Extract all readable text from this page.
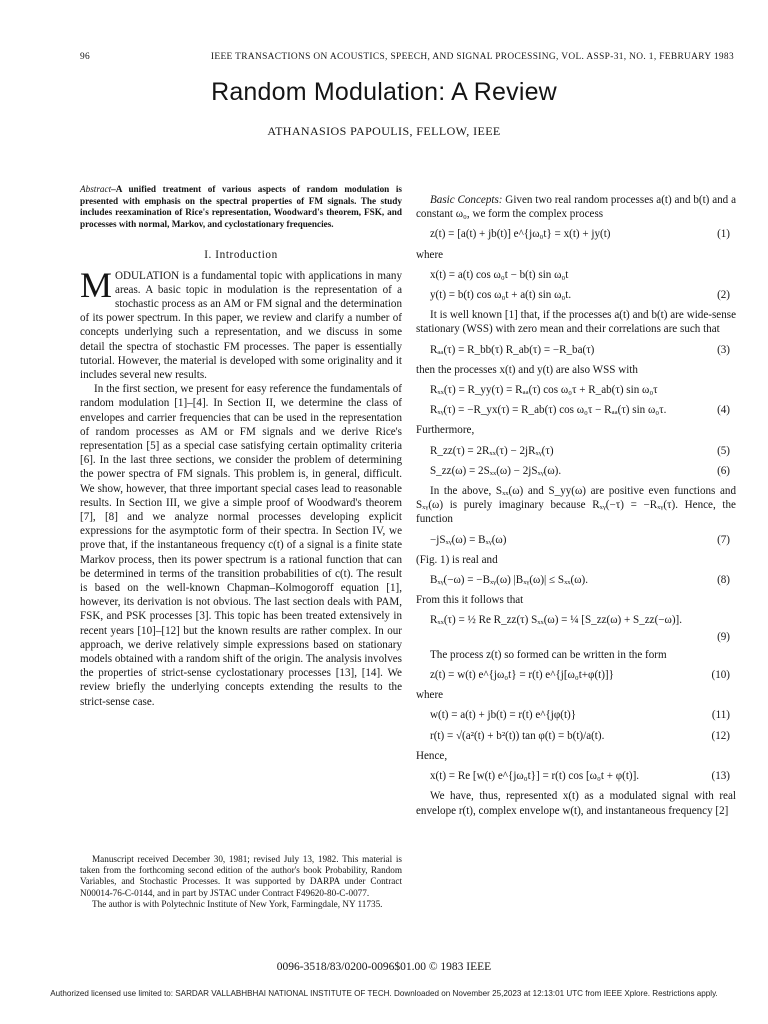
96	IEEE TRANSACTIONS ON ACOUSTICS, SPEECH, AND SIGNAL PROCESSING, VOL. ASSP-31, NO. 1, FEBRUARY 1983
Random Modulation: A Review
ATHANASIOS PAPOULIS, FELLOW, IEEE

Abstract–A unified treatment of various aspects of random modulation is presented with emphasis on the spectral properties of FM signals. The study includes reexamination of Rice's representation, Woodward's theorem, FSK, and processes with normal, Markov, and cyclostationary frequencies.

I. Introduction

MODULATION is a fundamental topic with applications in many areas. A basic topic in modulation is the representation of a stochastic process as an AM or FM signal and the determination of its power spectrum. In this paper, we review and clarify a number of concepts underlying such a representation, and we discuss in some detail the spectra of stochastic FM processes. The paper is essentially tutorial. However, the material is developed with some originality and it includes several new results.

In the first section, we present for easy reference the fundamentals of random modulation [1]–[4]. In Section II, we determine the class of envelopes and carrier frequencies that can be used in the representation of random processes as AM or FM signals and we derive Rice's representation [5] as a special case satisfying certain optimality criteria [6]. In the last three sections, we consider the problem of determining the power spectra of FM signals. This problem is, in general, difficult. We show, however, that three important special cases lead to reasonable results. In Section III, we give a simple proof of Woodward's theorem [7], [8] and we analyze normal processes developing explicit expressions for the asymptotic form of their spectra. In Section IV, we prove that, if the instantaneous frequency c(t) of a signal is a finite state Markov process, then its power spectrum is a rational function that can be determined in terms of the transition probabilities of c(t). The result is based on the well-known Chapman–Kolmogoroff equation [1], however, its derivation is not obvious. The last section deals with PAM, FSK, and PSK processes [3]. This topic has been treated extensively in recent years [10]–[12] but the known results are rather complex. In our approach, we derive relatively simple expressions based on stationary models obtained with a random shift of the origin. The analysis involves the properties of strict-sense cyclostationary processes [13], [14]. We review briefly the underlying concepts extending the results to the strict-sense case.

Manuscript received December 30, 1981; revised July 13, 1982. This material is taken from the forthcoming second edition of the author's book Probability, Random Variables, and Stochastic Processes. It was supported by DARPA under Contract N00014-76-C-0144, and in part by JSTAC under Contract F49620-80-C-0077.

The author is with Polytechnic Institute of New York, Farmingdale, NY 11735.

Basic Concepts: Given two real random processes a(t) and b(t) and a constant ω₀, we form the complex process

z(t) = [a(t) + jb(t)] e^{jω₀t} = x(t) + jy(t)	(1)

where

x(t) = a(t) cos ω₀t − b(t) sin ω₀t
y(t) = b(t) cos ω₀t + a(t) sin ω₀t.	(2)

It is well known [1] that, if the processes a(t) and b(t) are wide-sense stationary (WSS) with zero mean and their correlations are such that

Rₐₐ(τ) = R_bb(τ) R_ab(τ) = −R_ba(τ)	(3)

then the processes x(t) and y(t) are also WSS with

Rₓₓ(τ) = R_yy(τ) = Rₐₐ(τ) cos ω₀τ + R_ab(τ) sin ω₀τ
Rₓᵧ(τ) = −R_yx(τ) = R_ab(τ) cos ω₀τ − Rₐₐ(τ) sin ω₀τ.	(4)

Furthermore,

R_zz(τ) = 2Rₓₓ(τ) − 2jRₓᵧ(τ)	(5)
S_zz(ω) = 2Sₓₓ(ω) − 2jSₓᵧ(ω).	(6)

In the above, Sₓₓ(ω) and S_yy(ω) are positive even functions and Sₓᵧ(ω) is purely imaginary because Rₓᵧ(−τ) = −Rₓᵧ(τ). Hence, the function

−jSₓᵧ(ω) = Bₓᵧ(ω)	(7)

(Fig. 1) is real and

Bₓᵧ(−ω) = −Bₓᵧ(ω) |Bₓᵧ(ω)| ≤ Sₓₓ(ω).	(8)

From this it follows that

Rₓₓ(τ) = ½ Re R_zz(τ) Sₓₓ(ω) = ¼ [S_zz(ω) + S_zz(−ω)].
(9)

The process z(t) so formed can be written in the form

z(t) = w(t) e^{jω₀t} = r(t) e^{j[ω₀t+φ(t)]}	(10)

where

w(t) = a(t) + jb(t) = r(t) e^{jφ(t)}	(11)
r(t) = √(a²(t) + b²(t)) tan φ(t) = b(t)/a(t).	(12)

Hence,

x(t) = Re [w(t) e^{jω₀t}] = r(t) cos [ω₀t + φ(t)].	(13)

We have, thus, represented x(t) as a modulated signal with real envelope r(t), complex envelope w(t), and instantaneous frequency [2]

0096-3518/83/0200-0096$01.00 © 1983 IEEE
Authorized licensed use limited to: SARDAR VALLABHBHAI NATIONAL INSTITUTE OF TECH. Downloaded on November 25,2023 at 12:13:01 UTC from IEEE Xplore. Restrictions apply.
